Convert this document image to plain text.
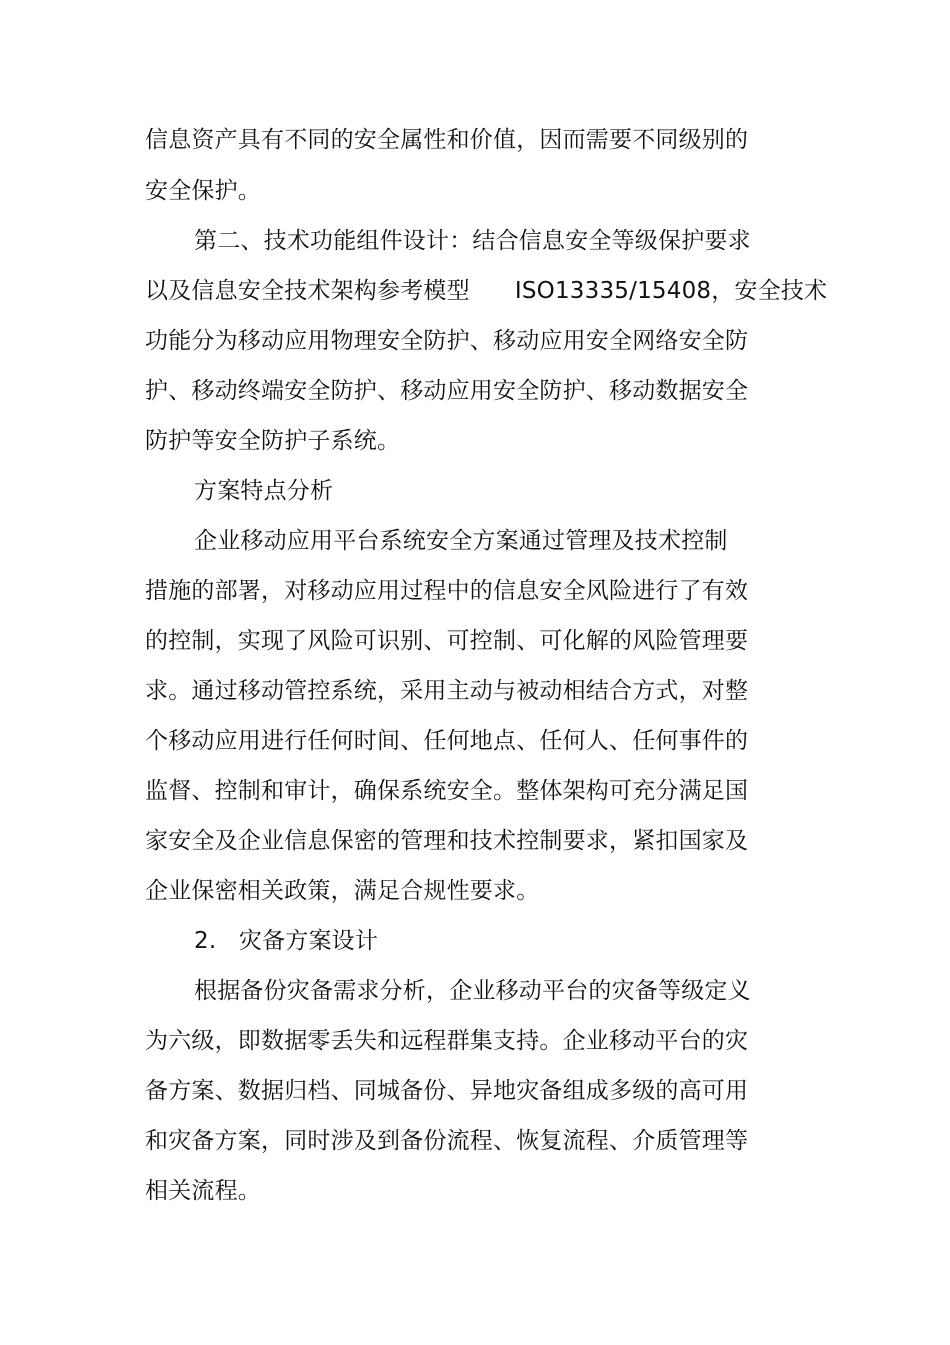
信息资产具有不同的安全属性和价值，因而需要不同级别的
安全保护。
第二、技术功能组件设计：结合信息安全等级保护要求
以及信息安全技术架构参考模型      ISO13335/15408，安全技术
功能分为移动应用物理安全防护、移动应用安全网络安全防
护、移动终端安全防护、移动应用安全防护、移动数据安全
防护等安全防护子系统。
方案特点分析
企业移动应用平台系统安全方案通过管理及技术控制
措施的部署，对移动应用过程中的信息安全风险进行了有效
的控制，实现了风险可识别、可控制、可化解的风险管理要
求。通过移动管控系统，采用主动与被动相结合方式，对整
个移动应用进行任何时间、任何地点、任何人、任何事件的
监督、控制和审计，确保系统安全。整体架构可充分满足国
家安全及企业信息保密的管理和技术控制要求，紧扣国家及
企业保密相关政策，满足合规性要求。
2.   灾备方案设计
根据备份灾备需求分析，企业移动平台的灾备等级定义
为六级，即数据零丢失和远程群集支持。企业移动平台的灾
备方案、数据归档、同城备份、异地灾备组成多级的高可用
和灾备方案，同时涉及到备份流程、恢复流程、介质管理等
相关流程。
